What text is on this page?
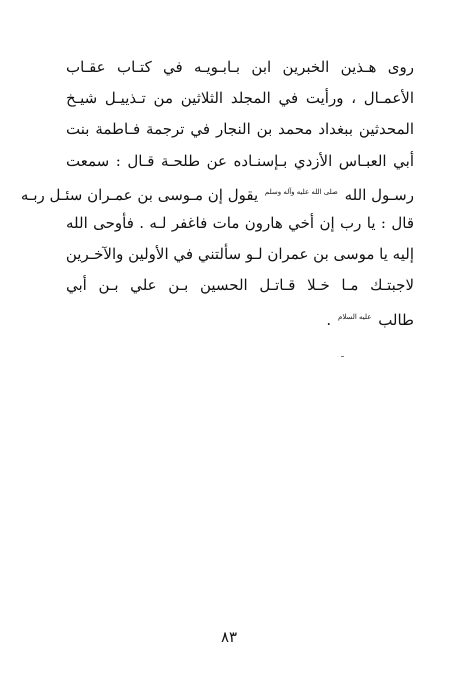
روى هـذين الخبرين ابن بـابـويـه في كتـاب عقـاب
الأعمـال ، ورأيت في المجلد الثلاثين من تـذييـل شيـخ
المحدثين ببغداد محمد بن النجار في ترجمة فـاطمة بنت
أبي العبـاس الأزدي بـإسنـاده عن طلحـة قـال : سمعت
رسـول الله $^{صلى الله عليه وآله وسلم}$ يقول إن مـوسى بن عمـران سئـل ربـه
قال : يا رب إن أخي هارون مات فاغفر لـه . فأوحى الله
إليه يا موسى بن عمران لـو سألتني في الأولين والآخـرين
لاجبتـك مـا خـلا قـاتـل الحسين بـن علي بـن أبي
طالب $^{عليه السلام}$ .
٨٣
